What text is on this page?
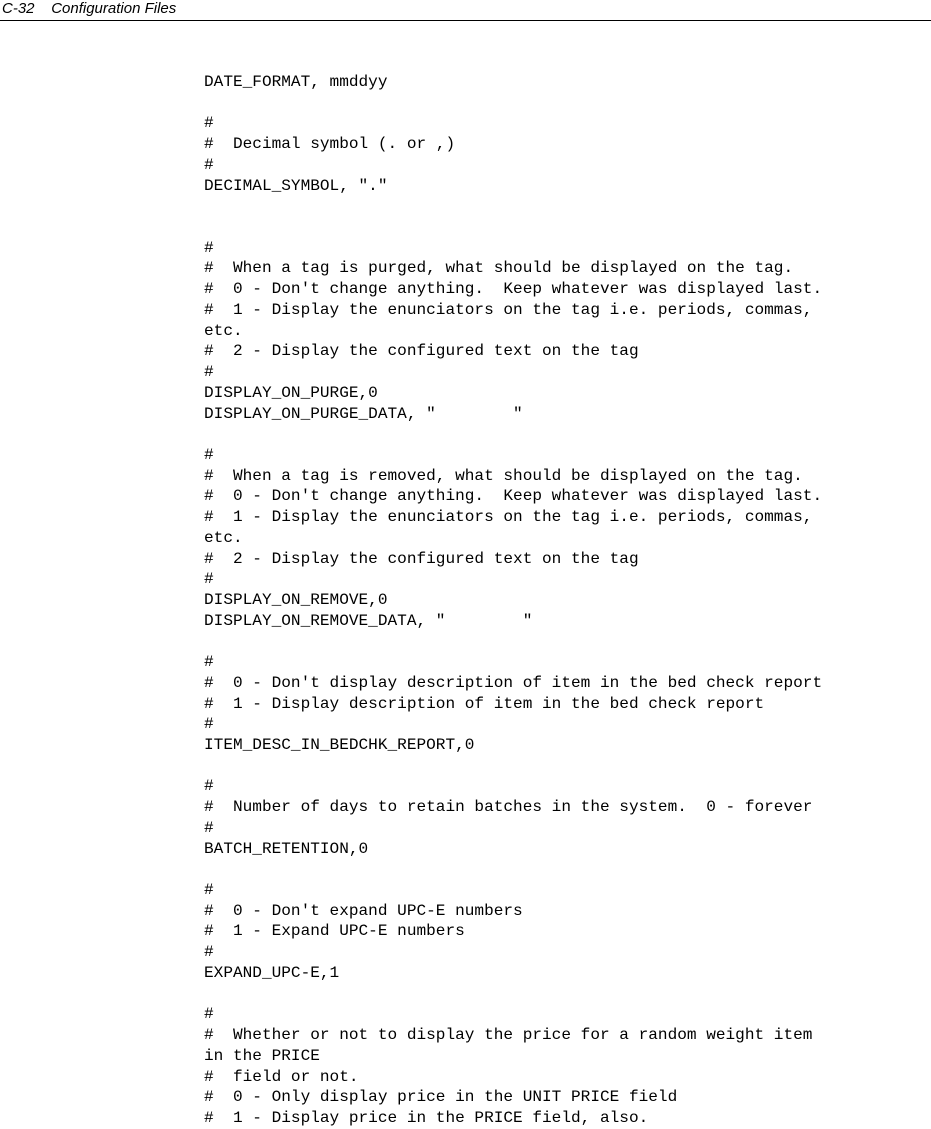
C-32 Configuration Files
DATE_FORMAT, mmddyy
#
#  Decimal symbol (. or ,)
#
DECIMAL_SYMBOL, "."
#
#  When a tag is purged, what should be displayed on the tag.
#  0 - Don't change anything.  Keep whatever was displayed last.
#  1 - Display the enunciators on the tag i.e. periods, commas,
etc.
#  2 - Display the configured text on the tag
#
DISPLAY_ON_PURGE,0
DISPLAY_ON_PURGE_DATA, "        "
#
#  When a tag is removed, what should be displayed on the tag.
#  0 - Don't change anything.  Keep whatever was displayed last.
#  1 - Display the enunciators on the tag i.e. periods, commas,
etc.
#  2 - Display the configured text on the tag
#
DISPLAY_ON_REMOVE,0
DISPLAY_ON_REMOVE_DATA, "        "
#
#  0 - Don't display description of item in the bed check report
#  1 - Display description of item in the bed check report
#
ITEM_DESC_IN_BEDCHK_REPORT,0
#
#  Number of days to retain batches in the system.  0 - forever
#
BATCH_RETENTION,0
#
#  0 - Don't expand UPC-E numbers
#  1 - Expand UPC-E numbers
#
EXPAND_UPC-E,1
#
#  Whether or not to display the price for a random weight item
in the PRICE
#  field or not.
#  0 - Only display price in the UNIT PRICE field
#  1 - Display price in the PRICE field, also.
